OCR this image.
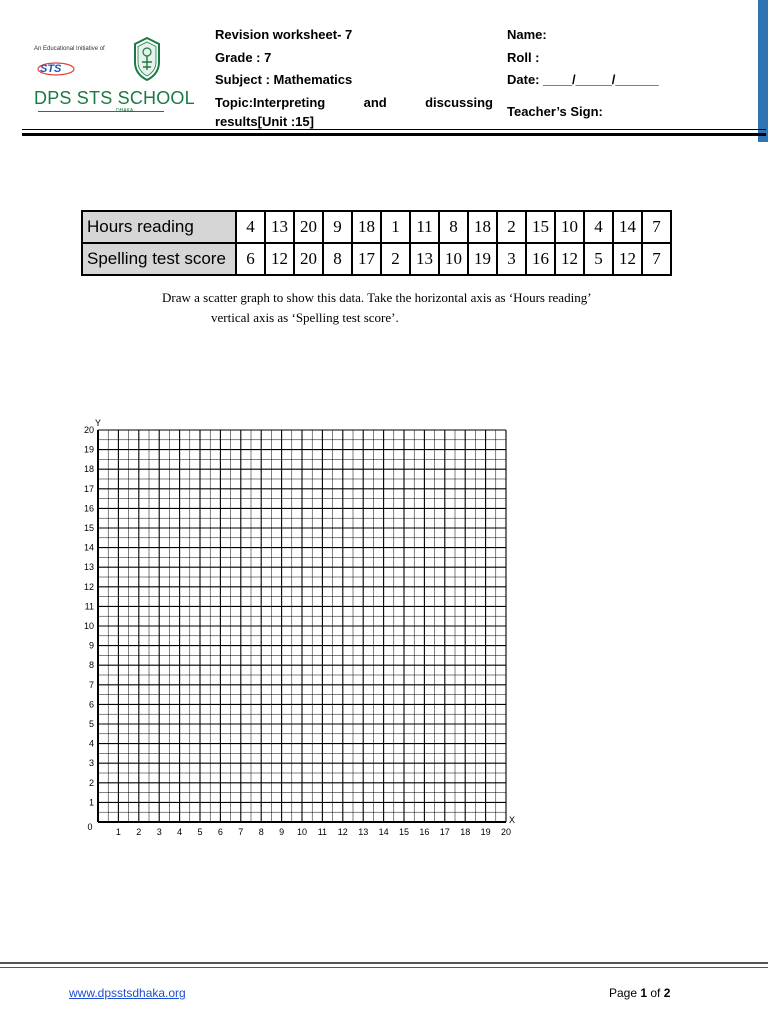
An Educational Initiative of
STS
DPS STS SCHOOL
DHAKA
Revision worksheet- 7
Grade : 7
Subject : Mathematics
Topic:Interpreting	and	discussing
results[Unit :15]
Name:
Roll :
Date: ____/_____/______
Teacher’s Sign:
Hours reading	4	13	20	9	18	1	11	8	18	2	15	10	4	14	7
Spelling test score	6	12	20	8	17	2	13	10	19	3	16	12	5	12	7
Draw a scatter graph to show this data. Take the horizontal axis as ‘Hours reading’
vertical axis as ‘Spelling test score’.
1 2 3 4 5 6 7 8 9 10 11 12 13 14 15 16 17 18 19 20
1
2
3
4
5
6
7
8
9
10
11
12
13
14
15
16
17
18
19
20
0
X
Y
www.dpsstsdhaka.org	Page 1 of 2
